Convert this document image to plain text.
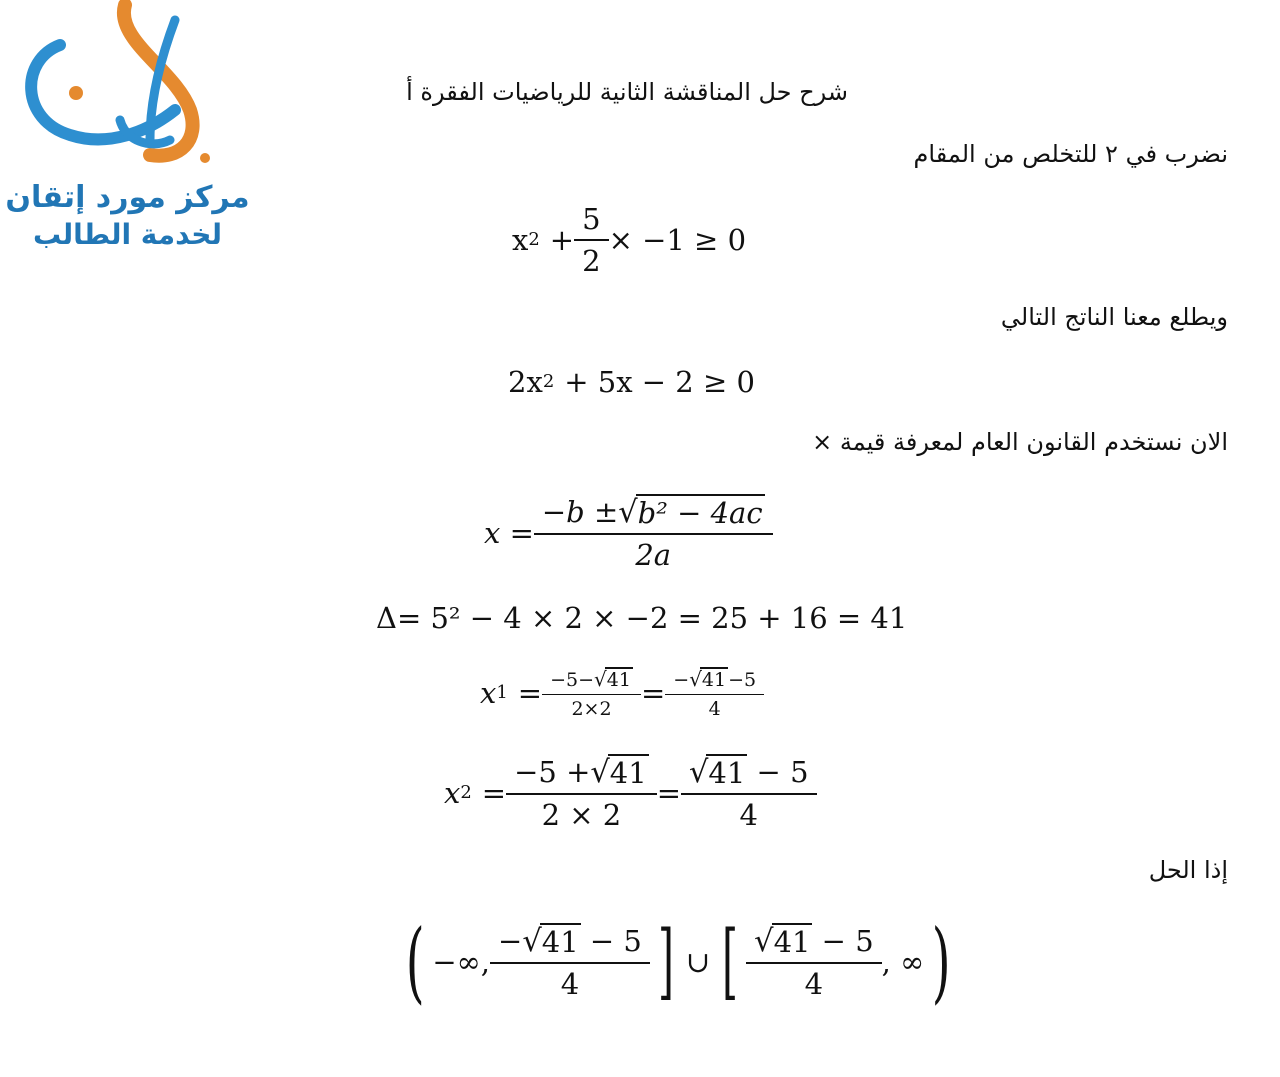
مركز مورد إتقان
لخدمة الطالب
شرح حل المناقشة الثانية للرياضيات الفقرة أ
نضرب في ٢ للتخلص من المقام
x $2 + \frac{5}{2} \times -1 \ge 0$
ويطلع معنا الناتج التالي
2x 2 + 5x − 2 ≥ 0
الان نستخدم القانون العام لمعرفة قيمة ×
$x = \frac{\text{−b ± √ b² − 4ac}}{2a}$
Δ= 5² − 4 × 2 × −2 = 25 + 16 = 41
x $1 = \frac{-5- √ 41}{2\times 2} = \frac{- √ 41 -5}{4}$
x $2 = \frac{-5 + √ 41}{2 \times 2} = \frac{√ 41 - 5}{4}$
إذا الحل
( −∞, $\frac{- √ 41 - 5}{4}$ ] ∪ [ $\frac{√ 41 - 5}{4}$ , ∞ )
